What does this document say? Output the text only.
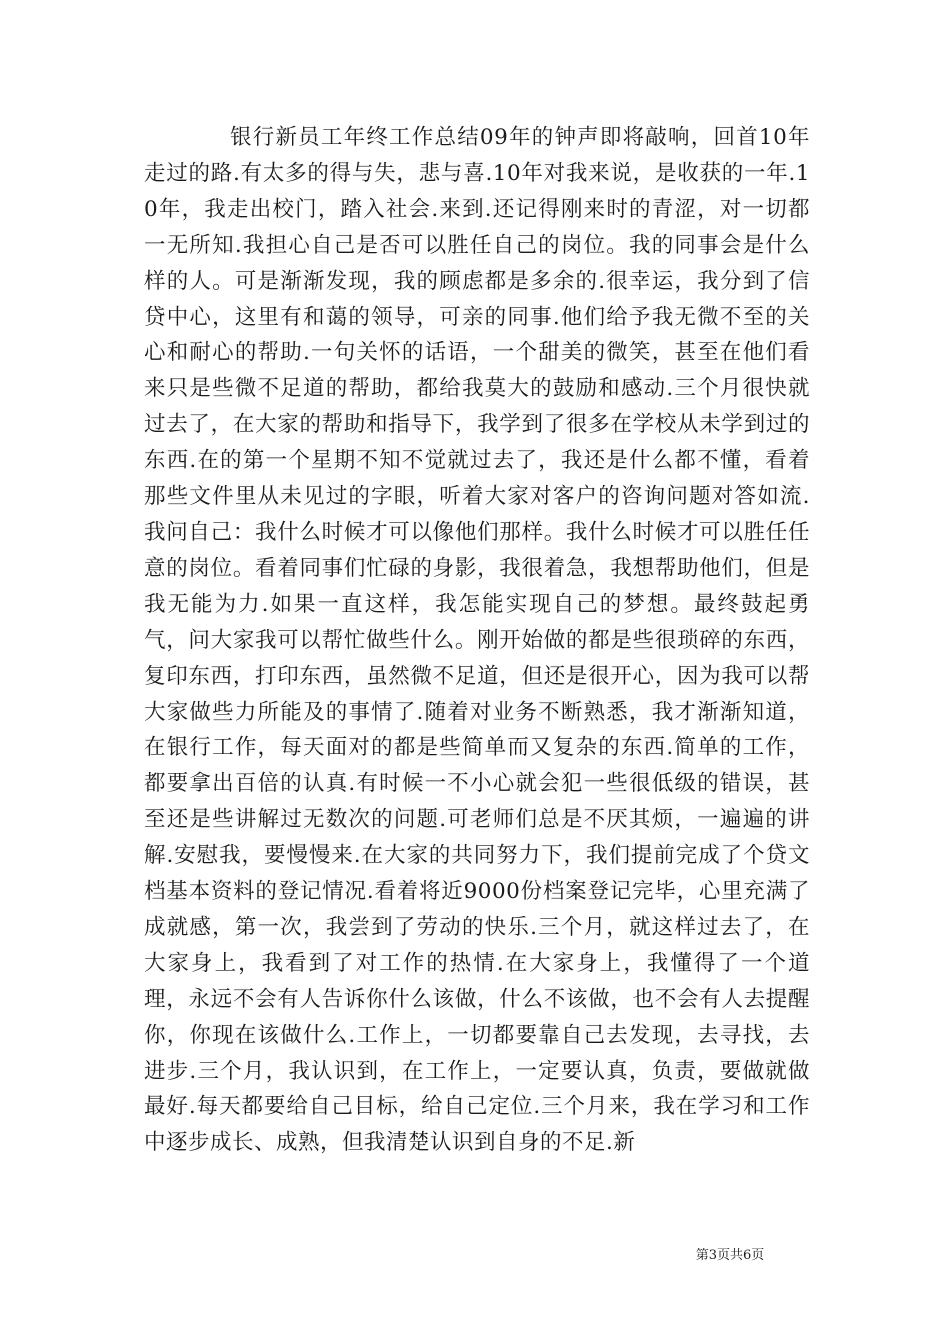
银行新员工年终工作总结09年的钟声即将敲响，回首10年走过的路.有太多的得与失，悲与喜.10年对我来说，是收获的一年.10年，我走出校门，踏入社会.来到.还记得刚来时的青涩，对一切都一无所知.我担心自己是否可以胜任自己的岗位。我的同事会是什么样的人。可是渐渐发现，我的顾虑都是多余的.很幸运，我分到了信贷中心，这里有和蔼的领导，可亲的同事.他们给予我无微不至的关心和耐心的帮助.一句关怀的话语，一个甜美的微笑，甚至在他们看来只是些微不足道的帮助，都给我莫大的鼓励和感动.三个月很快就过去了，在大家的帮助和指导下，我学到了很多在学校从未学到过的东西.在的第一个星期不知不觉就过去了，我还是什么都不懂，看着那些文件里从未见过的字眼，听着大家对客户的咨询问题对答如流.我问自己：我什么时候才可以像他们那样。我什么时候才可以胜任任意的岗位。看着同事们忙碌的身影，我很着急，我想帮助他们，但是我无能为力.如果一直这样，我怎能实现自己的梦想。最终鼓起勇气，问大家我可以帮忙做些什么。刚开始做的都是些很琐碎的东西，复印东西，打印东西，虽然微不足道，但还是很开心，因为我可以帮大家做些力所能及的事情了.随着对业务不断熟悉，我才渐渐知道，在银行工作，每天面对的都是些简单而又复杂的东西.简单的工作，都要拿出百倍的认真.有时候一不小心就会犯一些很低级的错误，甚至还是些讲解过无数次的问题.可老师们总是不厌其烦，一遍遍的讲解.安慰我，要慢慢来.在大家的共同努力下，我们提前完成了个贷文档基本资料的登记情况.看着将近9000份档案登记完毕，心里充满了成就感，第一次，我尝到了劳动的快乐.三个月，就这样过去了，在大家身上，我看到了对工作的热情.在大家身上，我懂得了一个道理，永远不会有人告诉你什么该做，什么不该做，也不会有人去提醒你，你现在该做什么.工作上，一切都要靠自己去发现，去寻找，去进步.三个月，我认识到，在工作上，一定要认真，负责，要做就做最好.每天都要给自己目标，给自己定位.三个月来，我在学习和工作中逐步成长、成熟，但我清楚认识到自身的不足.新

第3页共6页
